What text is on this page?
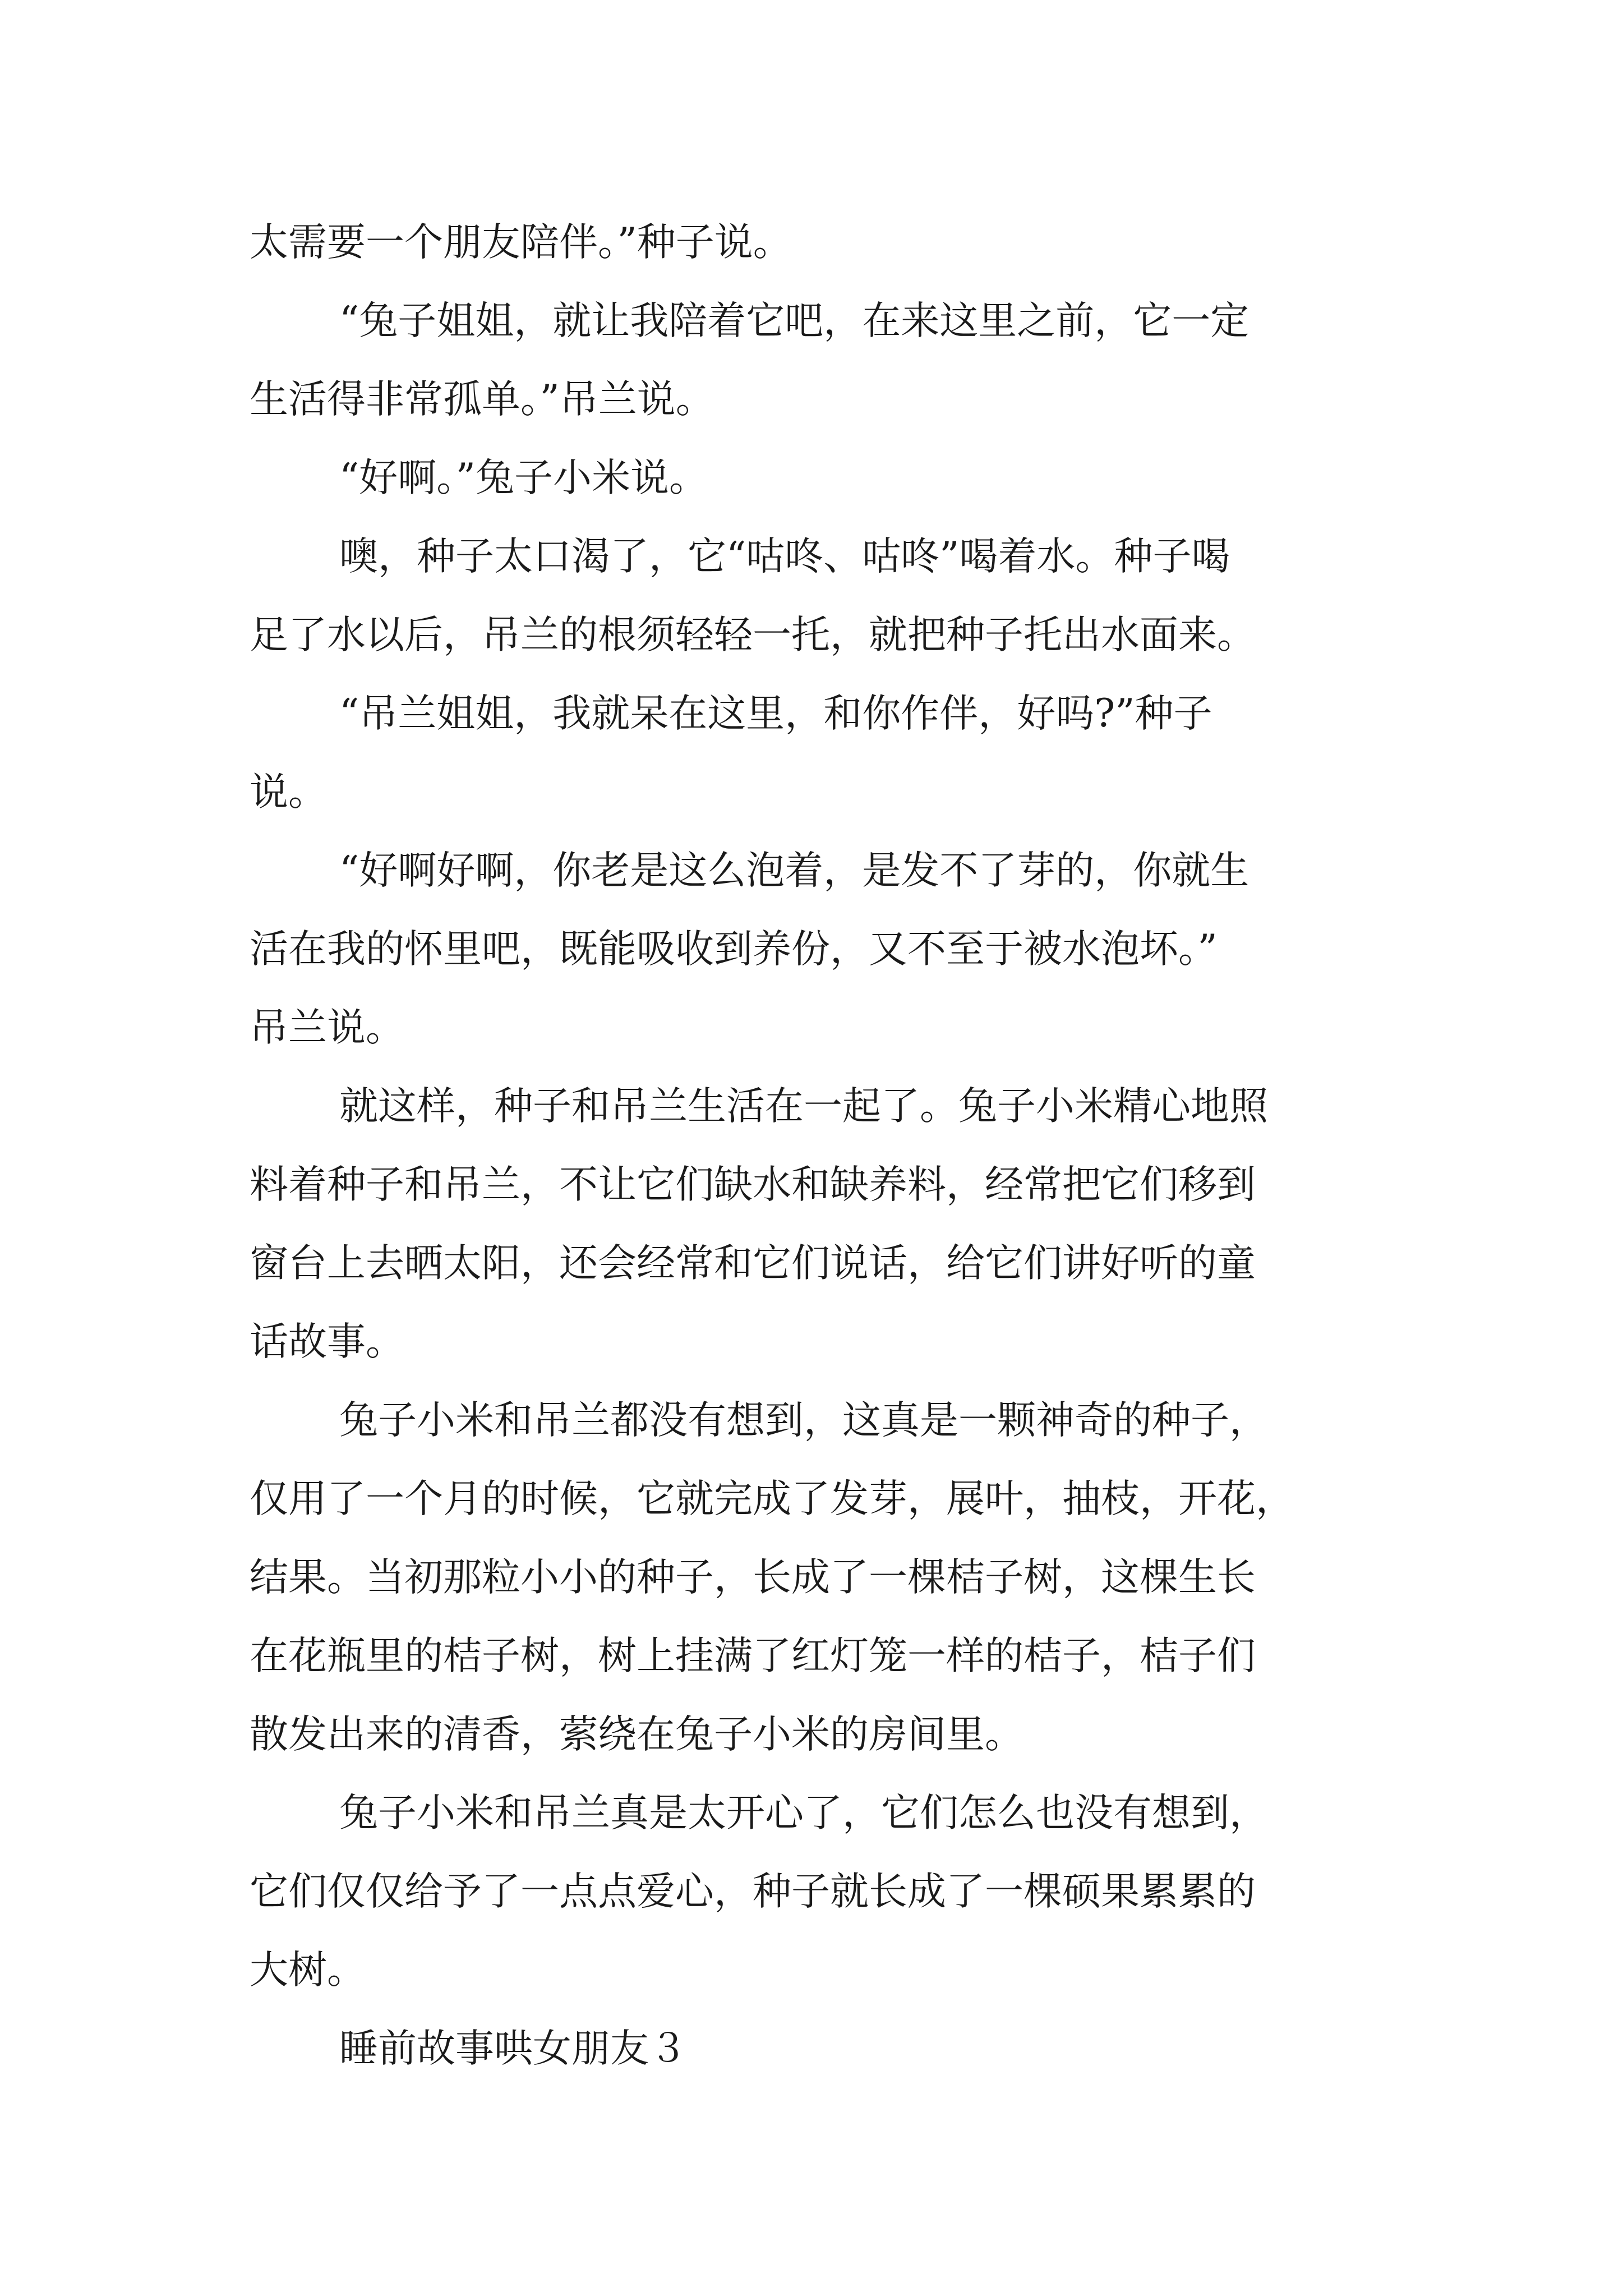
太需要一个朋友陪伴。”种子说。
“兔子姐姐，就让我陪着它吧，在来这里之前，它一定
生活得非常孤单。”吊兰说。
“好啊。”兔子小米说。
噢，种子太口渴了，它“咕咚、咕咚”喝着水。种子喝
足了水以后，吊兰的根须轻轻一托，就把种子托出水面来。
“吊兰姐姐，我就呆在这里，和你作伴，好吗?”种子
说。
“好啊好啊，你老是这么泡着，是发不了芽的，你就生
活在我的怀里吧，既能吸收到养份，又不至于被水泡坏。”
吊兰说。
就这样，种子和吊兰生活在一起了。兔子小米精心地照
料着种子和吊兰，不让它们缺水和缺养料，经常把它们移到
窗台上去晒太阳，还会经常和它们说话，给它们讲好听的童
话故事。
兔子小米和吊兰都没有想到，这真是一颗神奇的种子，
仅用了一个月的时候，它就完成了发芽，展叶，抽枝，开花，
结果。当初那粒小小的种子，长成了一棵桔子树，这棵生长
在花瓶里的桔子树，树上挂满了红灯笼一样的桔子，桔子们
散发出来的清香，萦绕在兔子小米的房间里。
兔子小米和吊兰真是太开心了，它们怎么也没有想到，
它们仅仅给予了一点点爱心，种子就长成了一棵硕果累累的
大树。
睡前故事哄女朋友３
